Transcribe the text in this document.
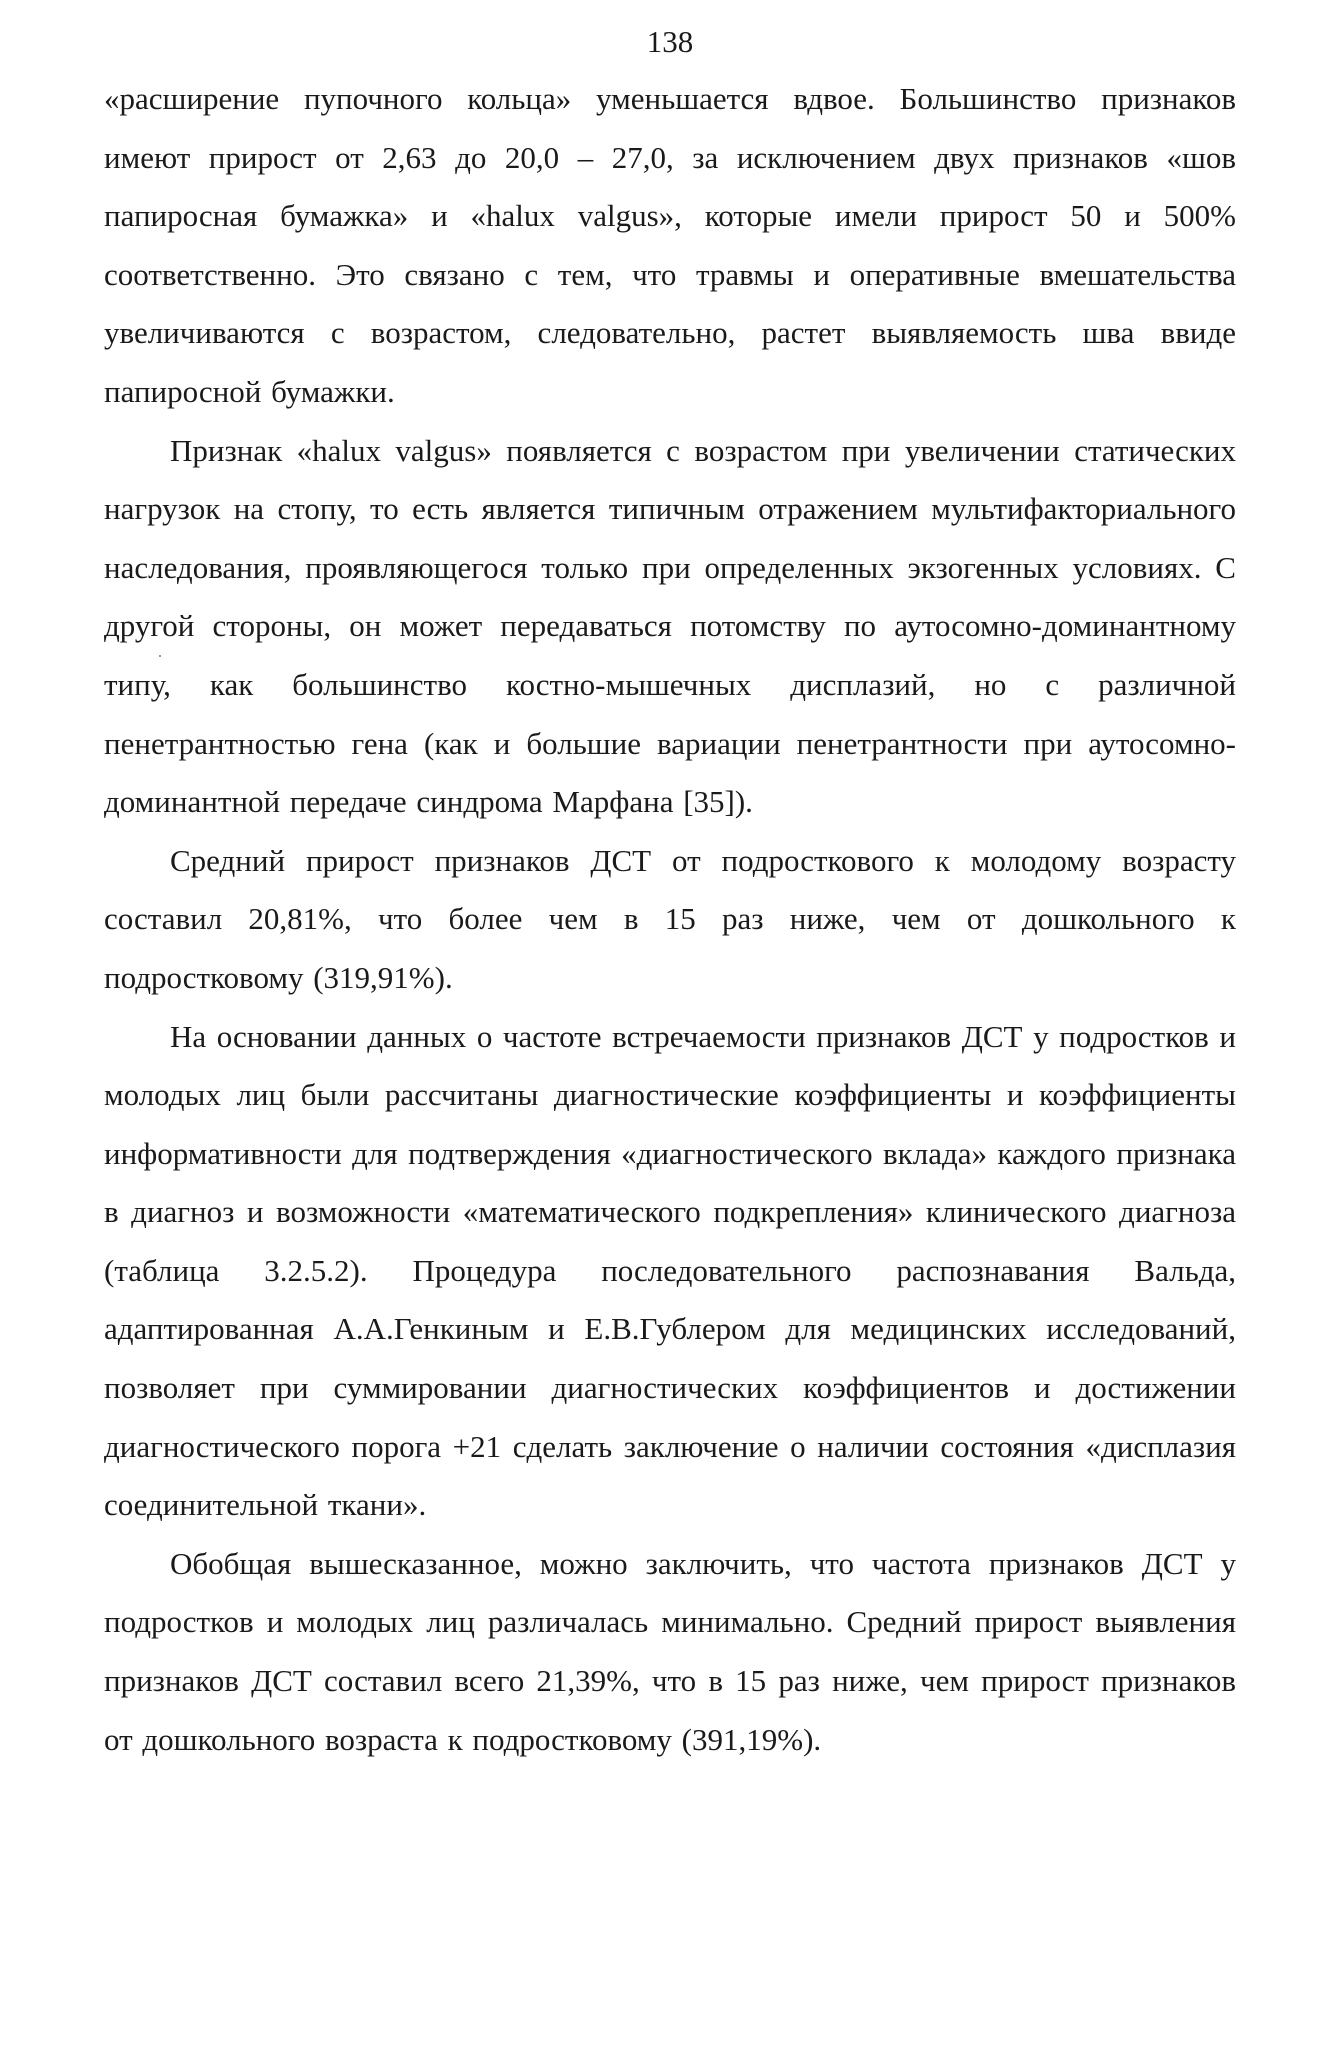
138

«расширение пупочного кольца» уменьшается вдвое. Большинство признаков имеют прирост от 2,63 до 20,0 – 27,0, за исключением двух признаков «шов папиросная бумажка» и «halux valgus», которые имели прирост 50 и 500% соответственно. Это связано с тем, что травмы и оперативные вмешательства увеличиваются с возрастом, следовательно, растет выявляемость шва ввиде папиросной бумажки.

Признак «halux valgus» появляется с возрастом при увеличении статических нагрузок на стопу, то есть является типичным отражением мультифакториального наследования, проявляющегося только при определенных экзогенных условиях. С другой стороны, он может передаваться потомству по аутосомно-доминантному типу, как большинство костно-мышечных дисплазий, но с различной пенетрантностью гена (как и большие вариации пенетрантности при аутосомно-доминантной передаче синдрома Марфана [35]).

Средний прирост признаков ДСТ от подросткового к молодому возрасту составил 20,81%, что более чем в 15 раз ниже, чем от дошкольного к подростковому (319,91%).

На основании данных о частоте встречаемости признаков ДСТ у подростков и молодых лиц были рассчитаны диагностические коэффициенты и коэффициенты информативности для подтверждения «диагностического вклада» каждого признака в диагноз и возможности «математического подкрепления» клинического диагноза (таблица 3.2.5.2). Процедура последовательного распознавания Вальда, адаптированная А.А.Генкиным и Е.В.Гублером для медицинских исследований, позволяет при суммировании диагностических коэффициентов и достижении диагностического порога +21 сделать заключение о наличии состояния «дисплазия соединительной ткани».

Обобщая вышесказанное, можно заключить, что частота признаков ДСТ у подростков и молодых лиц различалась минимально. Средний прирост выявления признаков ДСТ составил всего 21,39%, что в 15 раз ниже, чем прирост признаков от дошкольного возраста к подростковому (391,19%).
